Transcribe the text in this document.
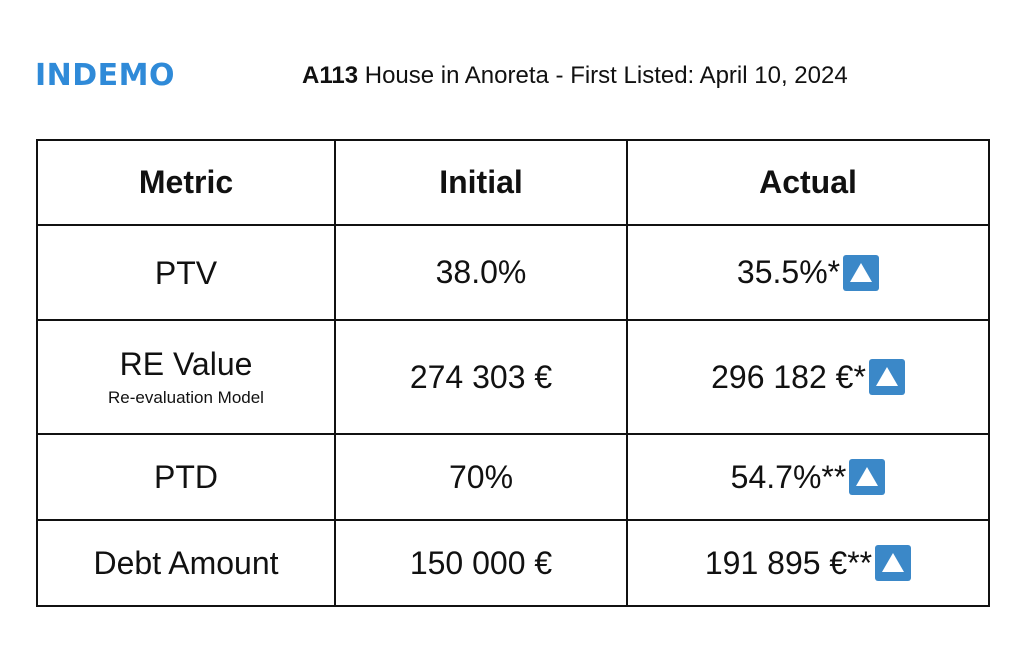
INDEMO	A113 House in Anoreta - First Listed: April 10, 2024
Metric	Initial	Actual

PTV	38.0%	35.5%*

RE Value
Re-evaluation Model	274 303 €	296 182 €*

PTD	70%	54.7%**

Debt Amount	150 000 €	191 895 €**
